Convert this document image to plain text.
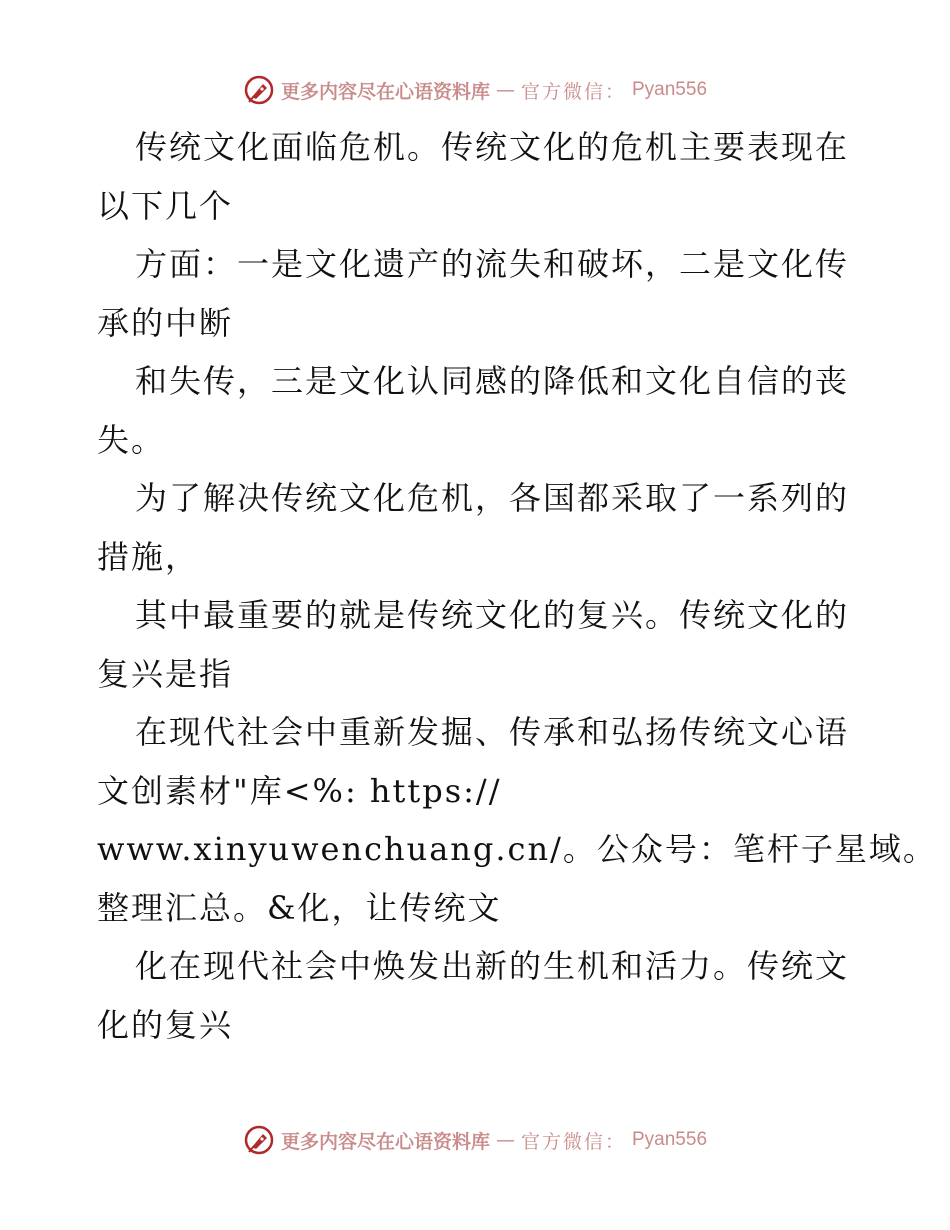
更多内容尽在心语资料库 — 官方微信： Pyan556
传统文化面临危机。传统文化的危机主要表现在
以下几个
方面：一是文化遗产的流失和破坏，二是文化传
承的中断
和失传，三是文化认同感的降低和文化自信的丧
失。
为了解决传统文化危机，各国都采取了一系列的
措施，
其中最重要的就是传统文化的复兴。传统文化的
复兴是指
在现代社会中重新发掘、传承和弘扬传统文心语
文创素材"库<%: https://
www.xinyuwenchuang.cn/。公众号：笔杆子星域。
整理汇总。&化，让传统文
化在现代社会中焕发出新的生机和活力。传统文
化的复兴
更多内容尽在心语资料库 — 官方微信： Pyan556
